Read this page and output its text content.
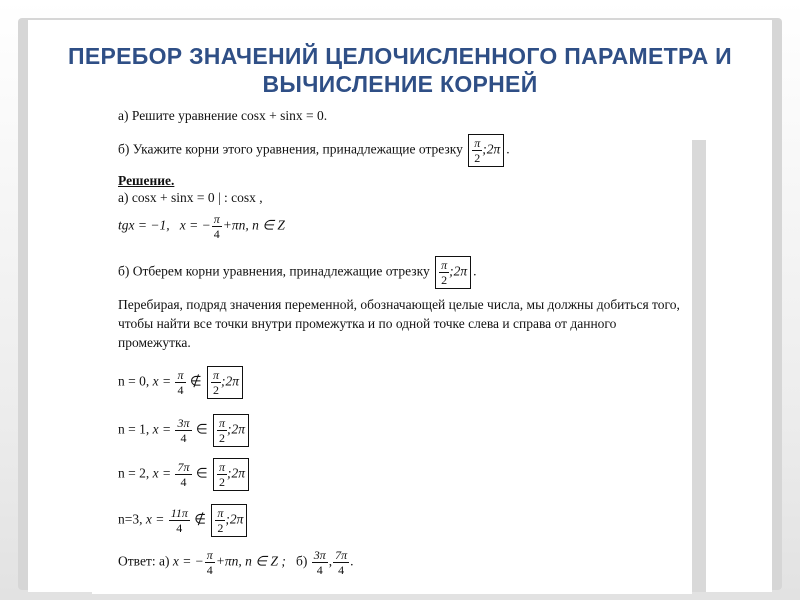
ПЕРЕБОР ЗНАЧЕНИЙ ЦЕЛОЧИСЛЕННОГО ПАРАМЕТРА И ВЫЧИСЛЕНИЕ КОРНЕЙ
а) Решите уравнение cosx + sinx = 0.
б) Укажите корни этого уравнения, принадлежащие отрезку $\frac{\pi}{2}$ ;2π .
Решение.
а) cosx + sinx = 0 | : cosx ,
tgx = −1, x = − $\frac{\pi}{4} +\pi n$, n ∈ Z
б) Отберем корни уравнения, принадлежащие отрезку $\frac{\pi}{2}$ ;2π .
Перебирая, подряд значения переменной, обозначающей целые числа, мы должны добиться того, чтобы найти все точки внутри промежутка и по одной точке слева и справа от данного промежутка.
n = 0, $x = \frac{\pi}{4}$ ∉ $\frac{\pi}{2}$ ;2π
n = 1, $x = \frac{3\pi}{4}$ ∈ $\frac{\pi}{2}$ ;2π
n = 2, $x = \frac{7\pi}{4}$ ∈ $\frac{\pi}{2}$ ;2π
n=3, $x = \frac{11\pi}{4}$ ∉ $\frac{\pi}{2}$ ;2π
Ответ: а) x = − $\frac{\pi}{4} +\pi n$, n ∈ Z ; $б) \frac{3\pi}{4}$ , $\frac{7\pi}{4}$ .
